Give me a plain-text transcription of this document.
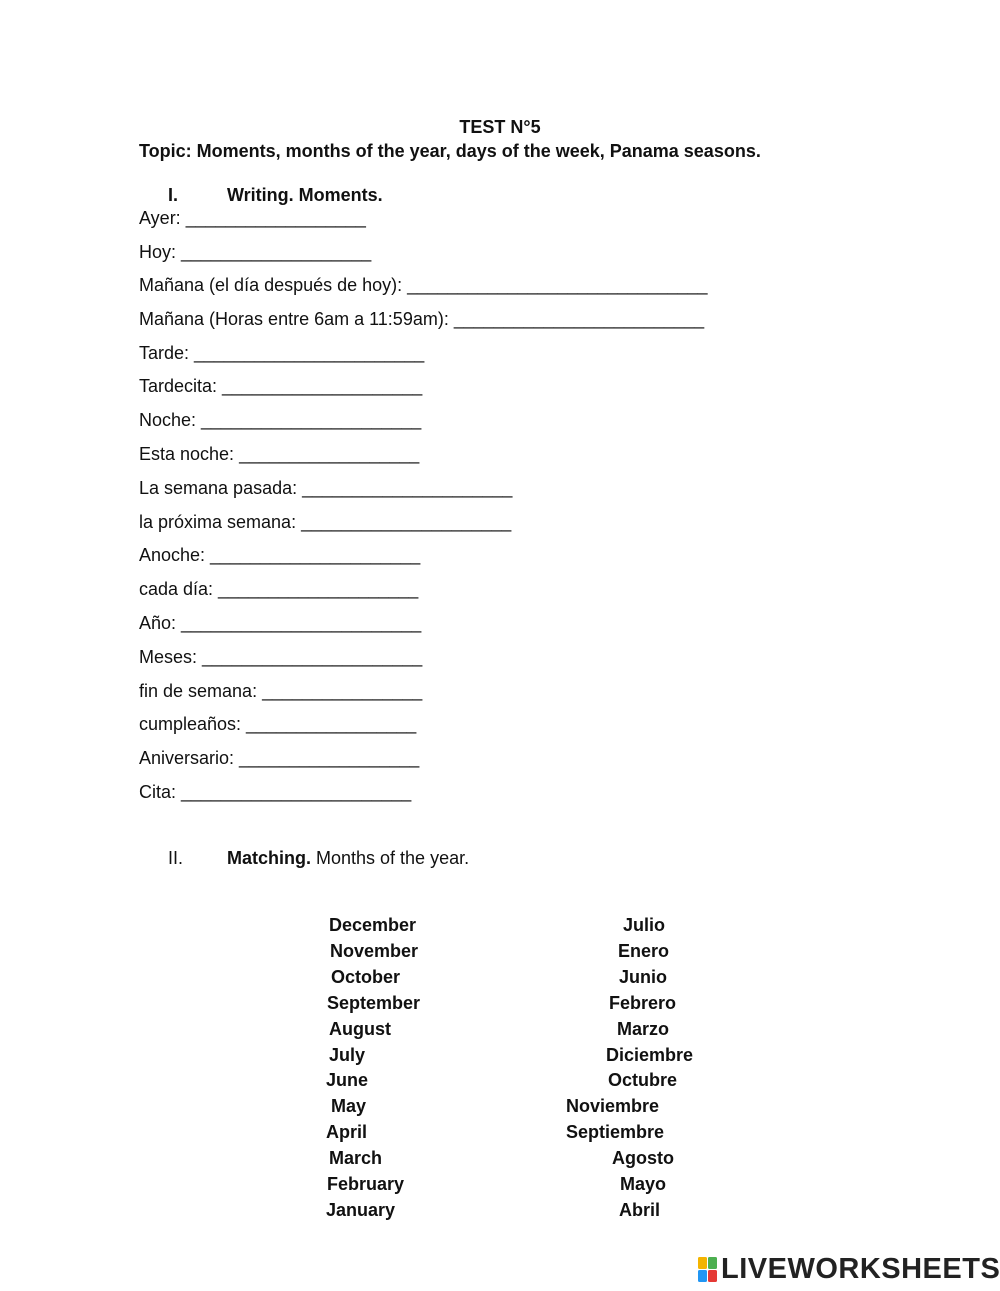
TEST N°5
Topic: Moments, months of the year, days of the week, Panama seasons.
I.	Writing. Moments.
Ayer: __________________
Hoy: ___________________
Mañana (el día después de hoy): ______________________________
Mañana (Horas entre 6am a 11:59am): _________________________
Tarde: _______________________
Tardecita: ____________________
Noche: ______________________
Esta noche: __________________
La semana pasada: _____________________
la próxima semana: _____________________
Anoche: _____________________
cada día: ____________________
Año: ________________________
Meses: ______________________
fin de semana: ________________
cumpleaños: _________________
Aniversario: __________________
Cita: _______________________
II. Matching. Months of the year.
December
November
October
September
August
July
June
May
April
March
February
January
Julio
Enero
Junio
Febrero
Marzo
Diciembre
Octubre
Noviembre
Septiembre
Agosto
Mayo
Abril
LIVEWORKSHEETS
